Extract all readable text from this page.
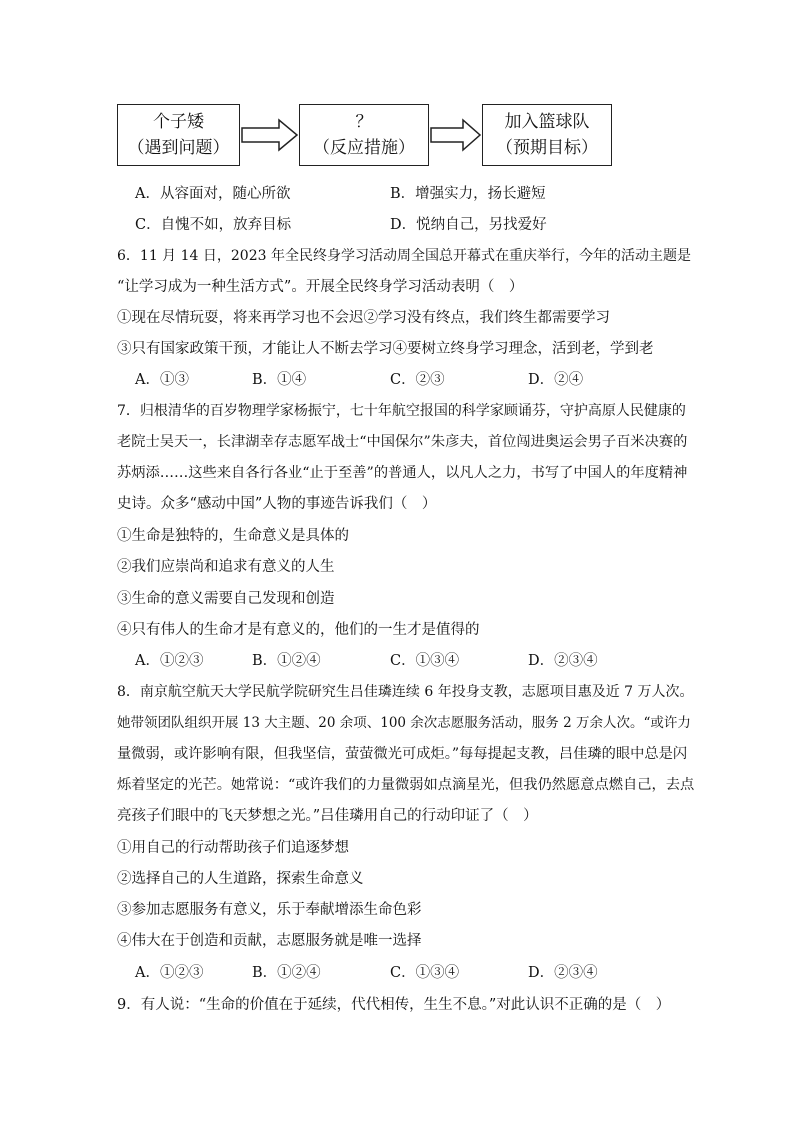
个子矮
（遇到问题）
？
（反应措施）
加入篮球队
（预期目标）
A．从容面对，随心所欲	B．增强实力，扬长避短
C．自愧不如，放弃目标	D．悦纳自己，另找爱好
6．11 月 14 日，2023 年全民终身学习活动周全国总开幕式在重庆举行，今年的活动主题是
“让学习成为一种生活方式”。开展全民终身学习活动表明（　）
①现在尽情玩耍，将来再学习也不会迟②学习没有终点，我们终生都需要学习
③只有国家政策干预，才能让人不断去学习④要树立终身学习理念，活到老，学到老
A．①③	B．①④	C．②③	D．②④
7．归根清华的百岁物理学家杨振宁，七十年航空报国的科学家顾诵芬，守护高原人民健康的
老院士吴天一，长津湖幸存志愿军战士“中国保尔”朱彦夫，首位闯进奥运会男子百米决赛的
苏炳添……这些来自各行各业“止于至善”的普通人，以凡人之力，书写了中国人的年度精神
史诗。众多“感动中国”人物的事迹告诉我们（　）
①生命是独特的，生命意义是具体的
②我们应崇尚和追求有意义的人生
③生命的意义需要自己发现和创造
④只有伟人的生命才是有意义的，他们的一生才是值得的
A．①②③	B．①②④	C．①③④	D．②③④
8．南京航空航天大学民航学院研究生吕佳璘连续 6 年投身支教，志愿项目惠及近 7 万人次。
她带领团队组织开展 13 大主题、20 余项、100 余次志愿服务活动，服务 2 万余人次。“或许力
量微弱，或许影响有限，但我坚信，萤萤微光可成炬。”每每提起支教，吕佳璘的眼中总是闪
烁着坚定的光芒。她常说：“或许我们的力量微弱如点滴星光，但我仍然愿意点燃自己，去点
亮孩子们眼中的飞天梦想之光。”吕佳璘用自己的行动印证了（　）
①用自己的行动帮助孩子们追逐梦想
②选择自己的人生道路，探索生命意义
③参加志愿服务有意义，乐于奉献增添生命色彩
④伟大在于创造和贡献，志愿服务就是唯一选择
A．①②③	B．①②④	C．①③④	D．②③④
9．有人说：“生命的价值在于延续，代代相传，生生不息。”对此认识不正确的是（　）
